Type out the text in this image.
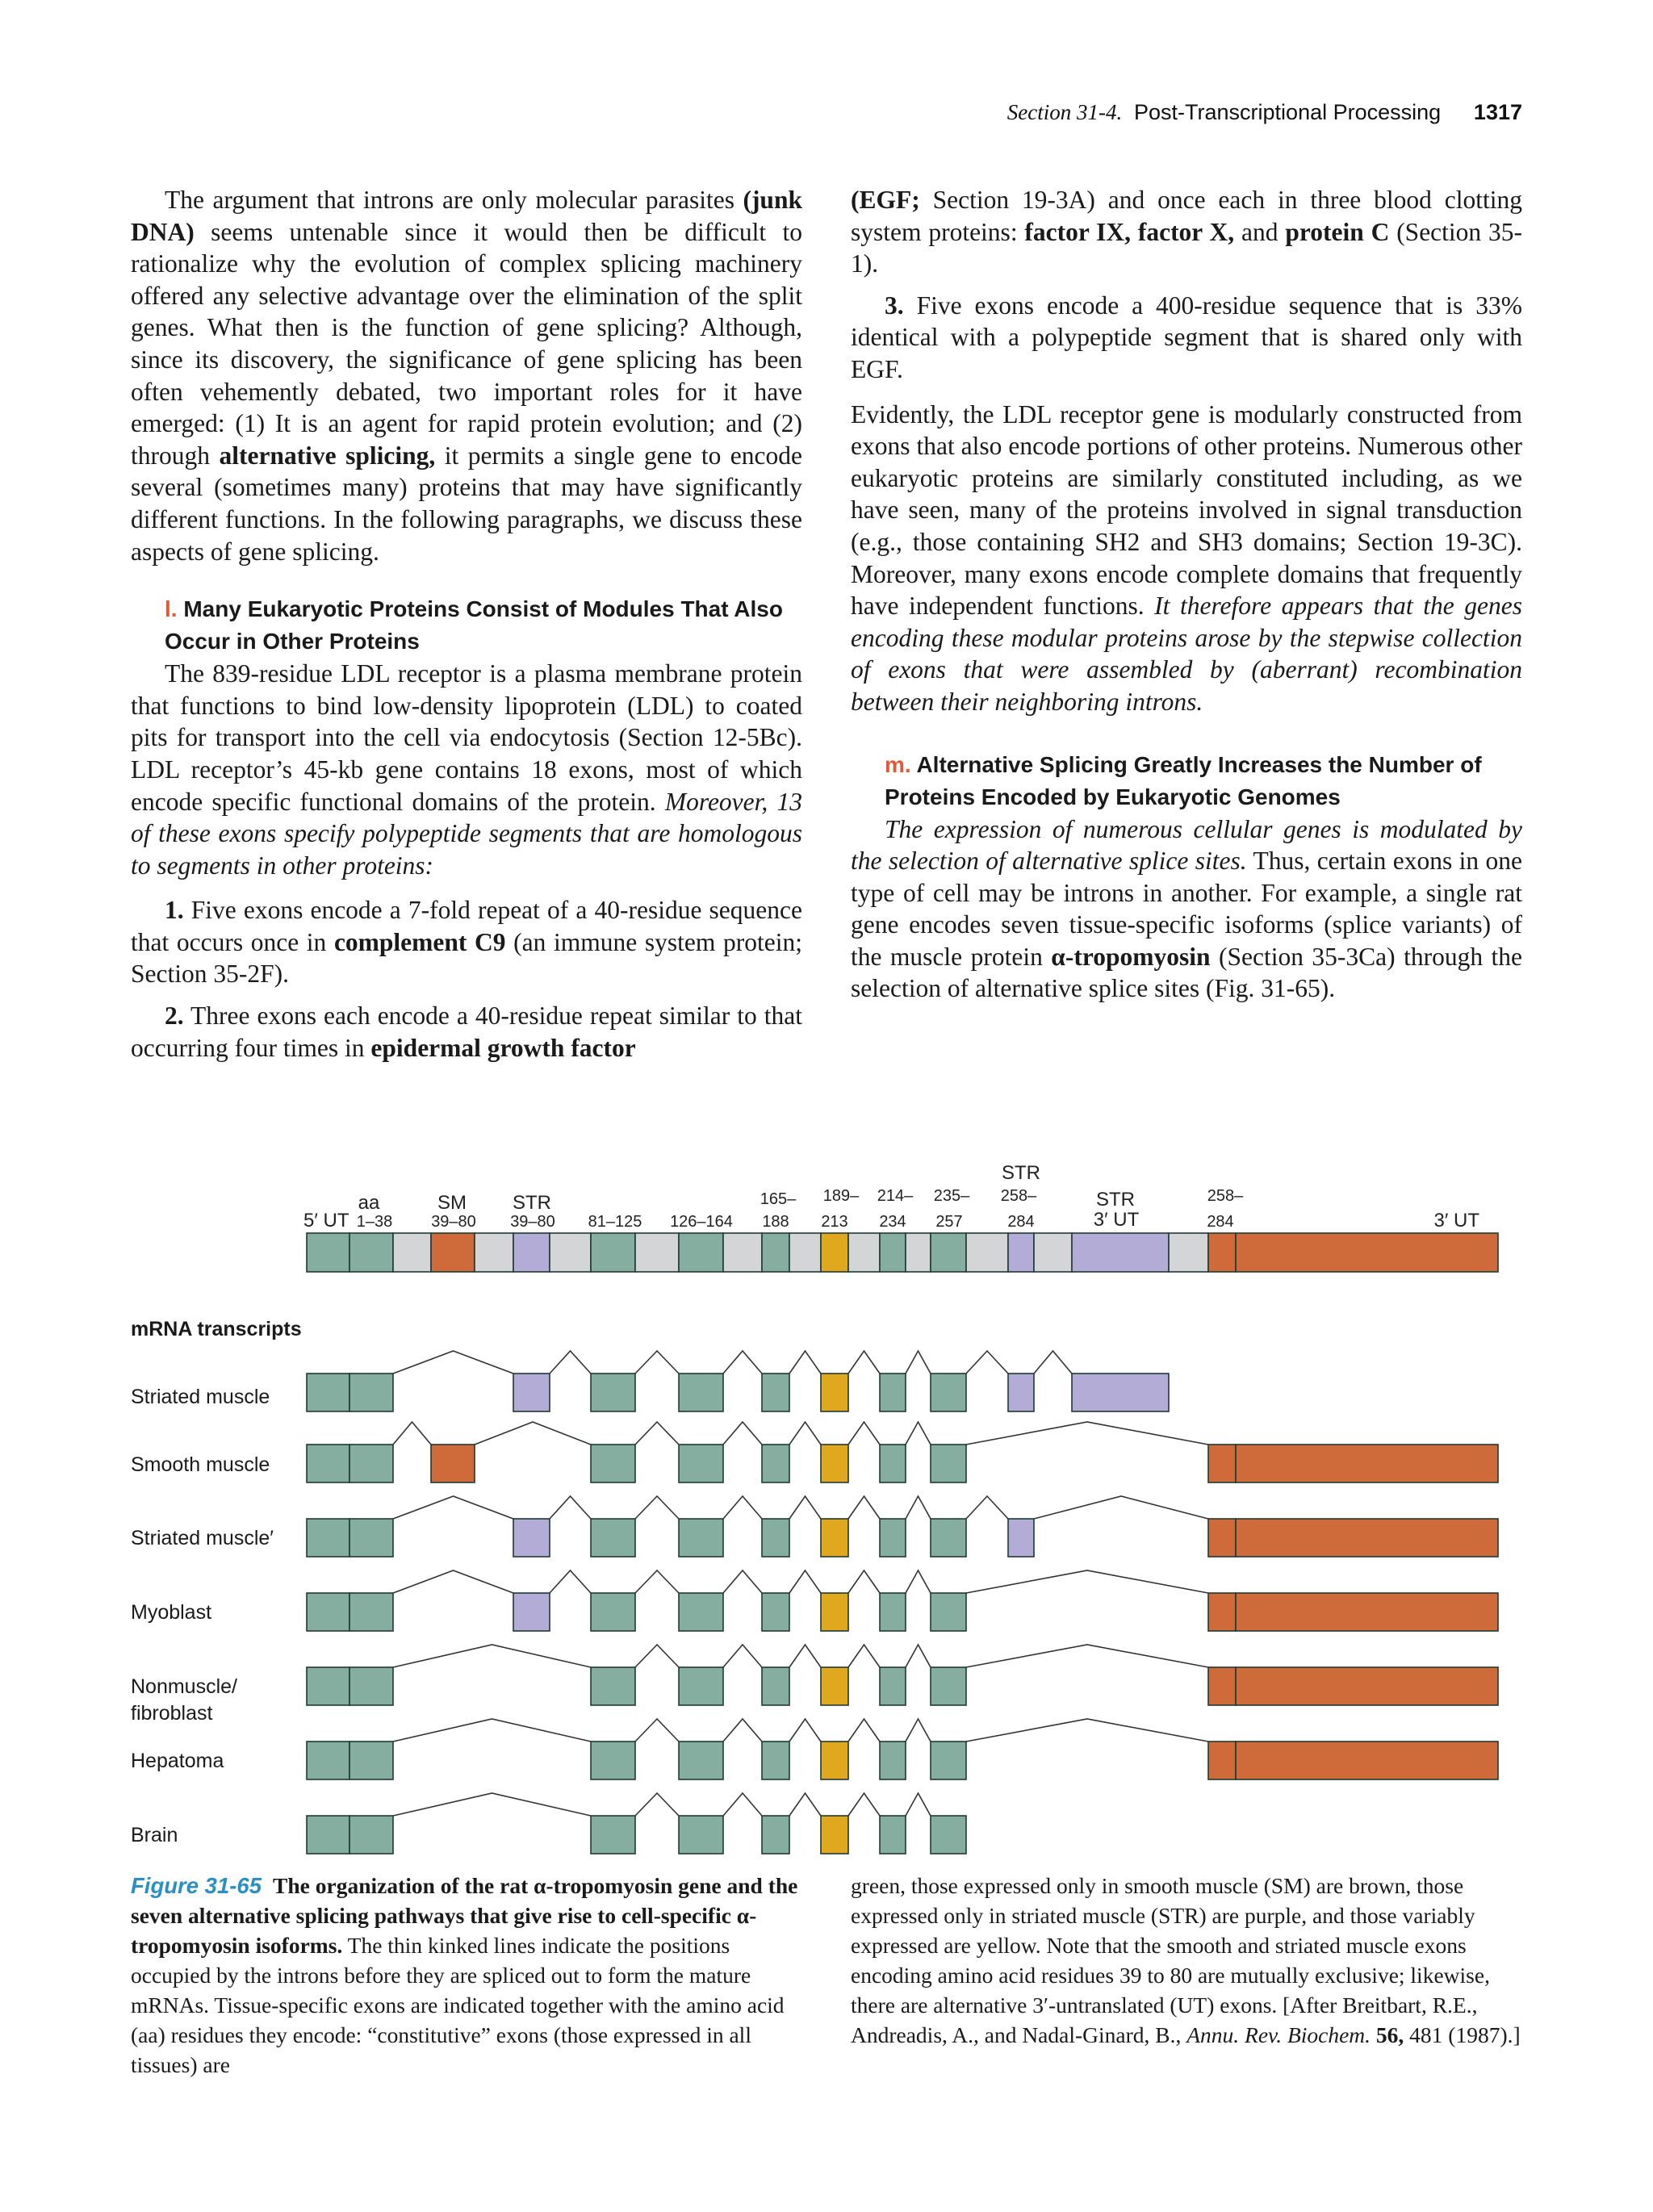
Section 31-4. Post-Transcriptional Processing 1317

The argument that introns are only molecular parasites (junk DNA) seems untenable since it would then be difficult to rationalize why the evolution of complex splicing machinery offered any selective advantage over the elimination of the split genes. What then is the function of gene splicing? Although, since its discovery, the significance of gene splicing has been often vehemently debated, two important roles for it have emerged: (1) It is an agent for rapid protein evolution; and (2) through alternative splicing, it permits a single gene to encode several (sometimes many) proteins that may have significantly different functions. In the following paragraphs, we discuss these aspects of gene splicing.

l. Many Eukaryotic Proteins Consist of Modules That Also Occur in Other Proteins

The 839-residue LDL receptor is a plasma membrane protein that functions to bind low-density lipoprotein (LDL) to coated pits for transport into the cell via endocytosis (Section 12-5Bc). LDL receptor’s 45-kb gene contains 18 exons, most of which encode specific functional domains of the protein. Moreover, 13 of these exons specify polypeptide segments that are homologous to segments in other proteins:

1. Five exons encode a 7-fold repeat of a 40-residue sequence that occurs once in complement C9 (an immune system protein; Section 35-2F).

2. Three exons each encode a 40-residue repeat similar to that occurring four times in epidermal growth factor

(EGF; Section 19-3A) and once each in three blood clotting system proteins: factor IX, factor X, and protein C (Section 35-1).

3. Five exons encode a 400-residue sequence that is 33% identical with a polypeptide segment that is shared only with EGF.

Evidently, the LDL receptor gene is modularly constructed from exons that also encode portions of other proteins. Numerous other eukaryotic proteins are similarly constituted including, as we have seen, many of the proteins involved in signal transduction (e.g., those containing SH2 and SH3 domains; Section 19-3C). Moreover, many exons encode complete domains that frequently have independent functions. It therefore appears that the genes encoding these modular proteins arose by the stepwise collection of exons that were assembled by (aberrant) recombination between their neighboring introns.

m. Alternative Splicing Greatly Increases the Number of Proteins Encoded by Eukaryotic Genomes

The expression of numerous cellular genes is modulated by the selection of alternative splice sites. Thus, certain exons in one type of cell may be introns in another. For example, a single rat gene encodes seven tissue-specific isoforms (splice variants) of the muscle protein α-tropomyosin (Section 35-3Ca) through the selection of alternative splice sites (Fig. 31-65).

STR
aa	SM STR	STR
165– 189– 214– 235– 258–	258–
5′ UT 1–38 39–80 39–80 81–125 126–164 188 213 234 257	284	3′ UT	284	3′ UT
mRNA transcripts
Striated muscle
Smooth muscle
Striated muscle′
Myoblast
Nonmuscle/
fibroblast
Hepatoma
Brain
Figure 31-65 The organization of the rat α-tropomyosin gene and the seven alternative splicing pathways that give rise to cell-specific α-tropomyosin isoforms. The thin kinked lines indicate the positions occupied by the introns before they are spliced out to form the mature mRNAs. Tissue-specific exons are indicated together with the amino acid (aa) residues they encode: “constitutive” exons (those expressed in all tissues) are
green, those expressed only in smooth muscle (SM) are brown, those expressed only in striated muscle (STR) are purple, and those variably expressed are yellow. Note that the smooth and striated muscle exons encoding amino acid residues 39 to 80 are mutually exclusive; likewise, there are alternative 3′-untranslated (UT) exons. [After Breitbart, R.E., Andreadis, A., and Nadal-Ginard, B., Annu. Rev. Biochem. 56, 481 (1987).]
